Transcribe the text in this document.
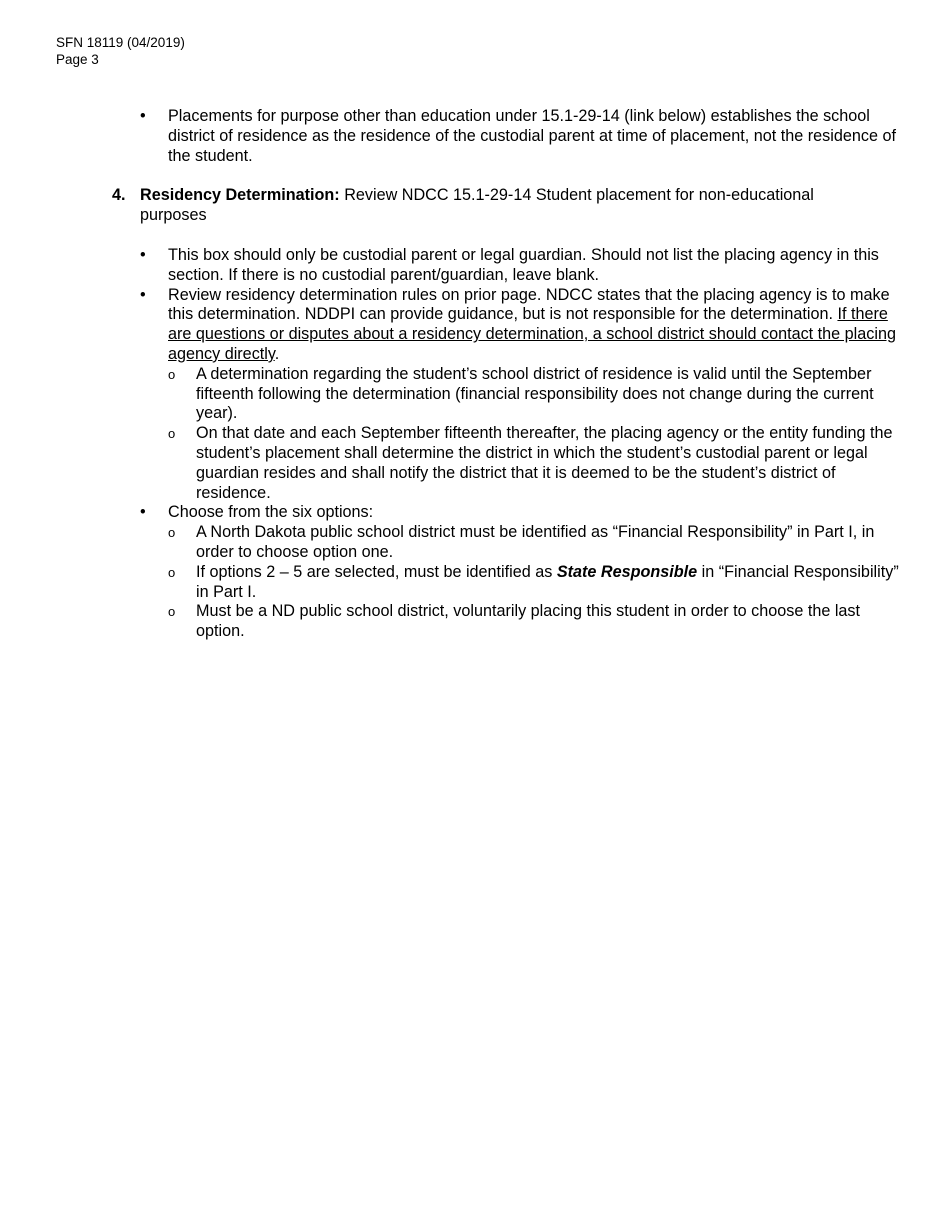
SFN 18119 (04/2019)
Page 3
• Placements for purpose other than education under 15.1-29-14 (link below) establishes the school district of residence as the residence of the custodial parent at time of placement, not the residence of the student.
4. Residency Determination: Review NDCC 15.1-29-14 Student placement for non-educational purposes
• This box should only be custodial parent or legal guardian. Should not list the placing agency in this section. If there is no custodial parent/guardian, leave blank.
• Review residency determination rules on prior page. NDCC states that the placing agency is to make this determination. NDDPI can provide guidance, but is not responsible for the determination. If there are questions or disputes about a residency determination, a school district should contact the placing agency directly.
o A determination regarding the student’s school district of residence is valid until the September fifteenth following the determination (financial responsibility does not change during the current year).
o On that date and each September fifteenth thereafter, the placing agency or the entity funding the student’s placement shall determine the district in which the student’s custodial parent or legal guardian resides and shall notify the district that it is deemed to be the student’s district of residence.
• Choose from the six options:
o A North Dakota public school district must be identified as “Financial Responsibility” in Part I, in order to choose option one.
o If options 2 – 5 are selected, must be identified as State Responsible in “Financial Responsibility” in Part I.
o Must be a ND public school district, voluntarily placing this student in order to choose the last option.
